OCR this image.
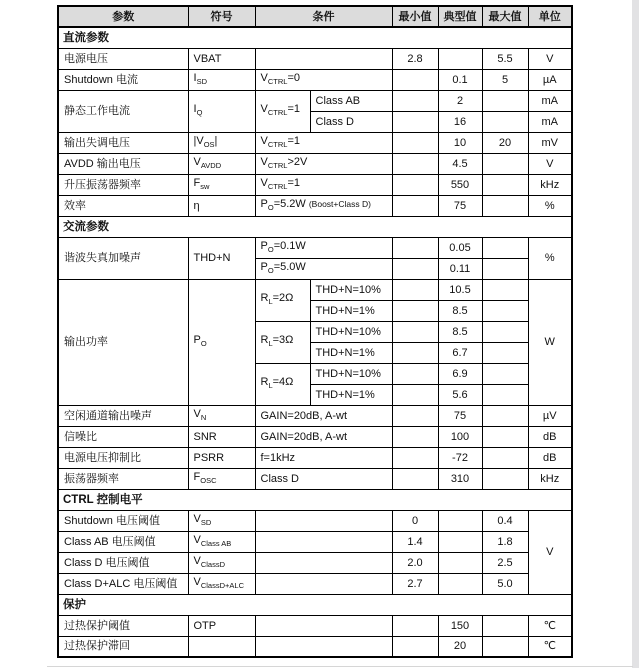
参数	符号	条件		最小值	典型值	最大值	单位
直流参数							
电源电压	VBAT			2.8		5.5	V
Shutdown 电流	$I_{SD}$	$V_{CTRL}=0$			0.1	5	µA
静态工作电流	$I_Q$	$V_{CTRL}=1$	Class AB		2		mA
			Class D		16		mA
输出失调电压	$|V_{OS}|$	$V_{CTRL}=1$			10	20	mV
AVDD 输出电压	$V_{AVDD}$	$V_{CTRL}>2V$			4.5		V
升压振荡器频率	$F_{sw}$	$V_{CTRL}=1$			550		kHz
效率	η	$P_O=5.2W$ (Boost+Class D)			75		%
交流参数							
谐波失真加噪声	THD+N	$P_O=0.1W$			0.05		%
		$P_O=5.0W$			0.11		
输出功率	$P_O$	$R_L=2\Omega$	THD+N=10%		10.5		W
			THD+N=1%		8.5		
		$R_L=3\Omega$	THD+N=10%		8.5		
			THD+N=1%		6.7		
		$R_L=4\Omega$	THD+N=10%		6.9		
			THD+N=1%		5.6		
空闲通道输出噪声	$V_N$	GAIN=20dB, A-wt			75		µV
信噪比	SNR	GAIN=20dB, A-wt			100		dB
电源电压抑制比	PSRR	f=1kHz			-72		dB
振荡器频率	$F_{OSC}$	Class D			310		kHz
CTRL 控制电平							
Shutdown 电压阈值	$V_{SD}$			0		0.4	V
Class AB 电压阈值	$V_{Class AB}$			1.4		1.8	
Class D 电压阈值	$V_{ClassD}$			2.0		2.5	
Class D+ALC 电压阈值	$V_{ClassD+ALC}$			2.7		5.0	
保护							
过热保护阈值	OTP				150		℃
过热保护滞回					20		℃
